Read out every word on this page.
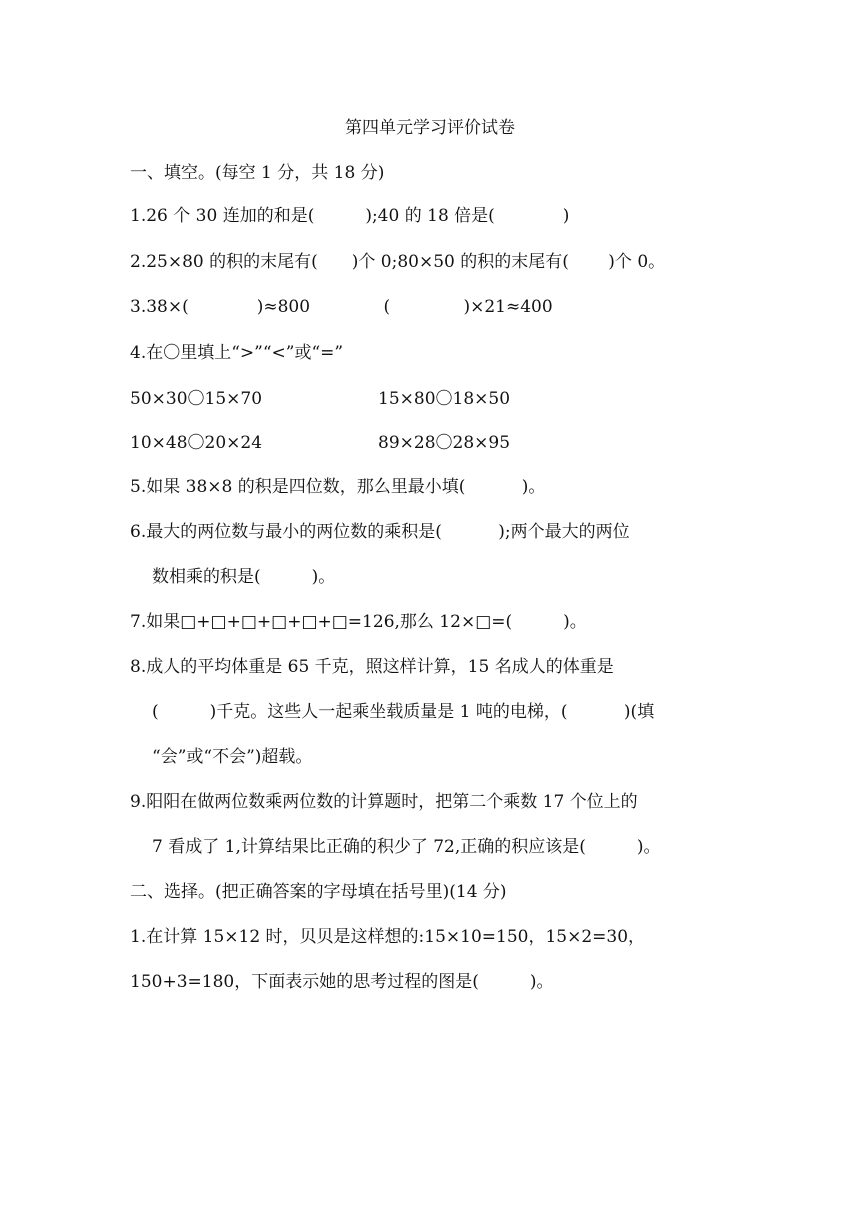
第四单元学习评价试卷
一、填空。(每空 1 分，共 18 分)
1.26 个 30 连加的和是(　　　);40 的 18 倍是(　　　　)
2.25×80 的积的末尾有(　　)个 0;80×50 的积的末尾有(　　 )个 0。
3.38×(　　　　)≈800　　　　 (　　　　 )×21≈400
4.在〇里填上“>”“<”或“=”
50×30〇15×70	15×80〇18×50
10×48〇20×24	89×28〇28×95
5.如果 38×8 的积是四位数，那么里最小填(　　　 )。
6.最大的两位数与最小的两位数的乘积是(　　　 );两个最大的两位
数相乘的积是(　　　)。
7.如果□+□+□+□+□+□=126,那么 12×□=(　　　)。
8.成人的平均体重是 65 千克，照这样计算，15 名成人的体重是
(　　　)千克。这些人一起乘坐载质量是 1 吨的电梯，(　　　 )(填
“会”或“不会”)超载。
9.阳阳在做两位数乘两位数的计算题时，把第二个乘数 17 个位上的
7 看成了 1,计算结果比正确的积少了 72,正确的积应该是(　　　)。
二、选择。(把正确答案的字母填在括号里)(14 分)
1.在计算 15×12 时，贝贝是这样想的:15×10=150，15×2=30，
150+3=180，下面表示她的思考过程的图是(　　　)。
